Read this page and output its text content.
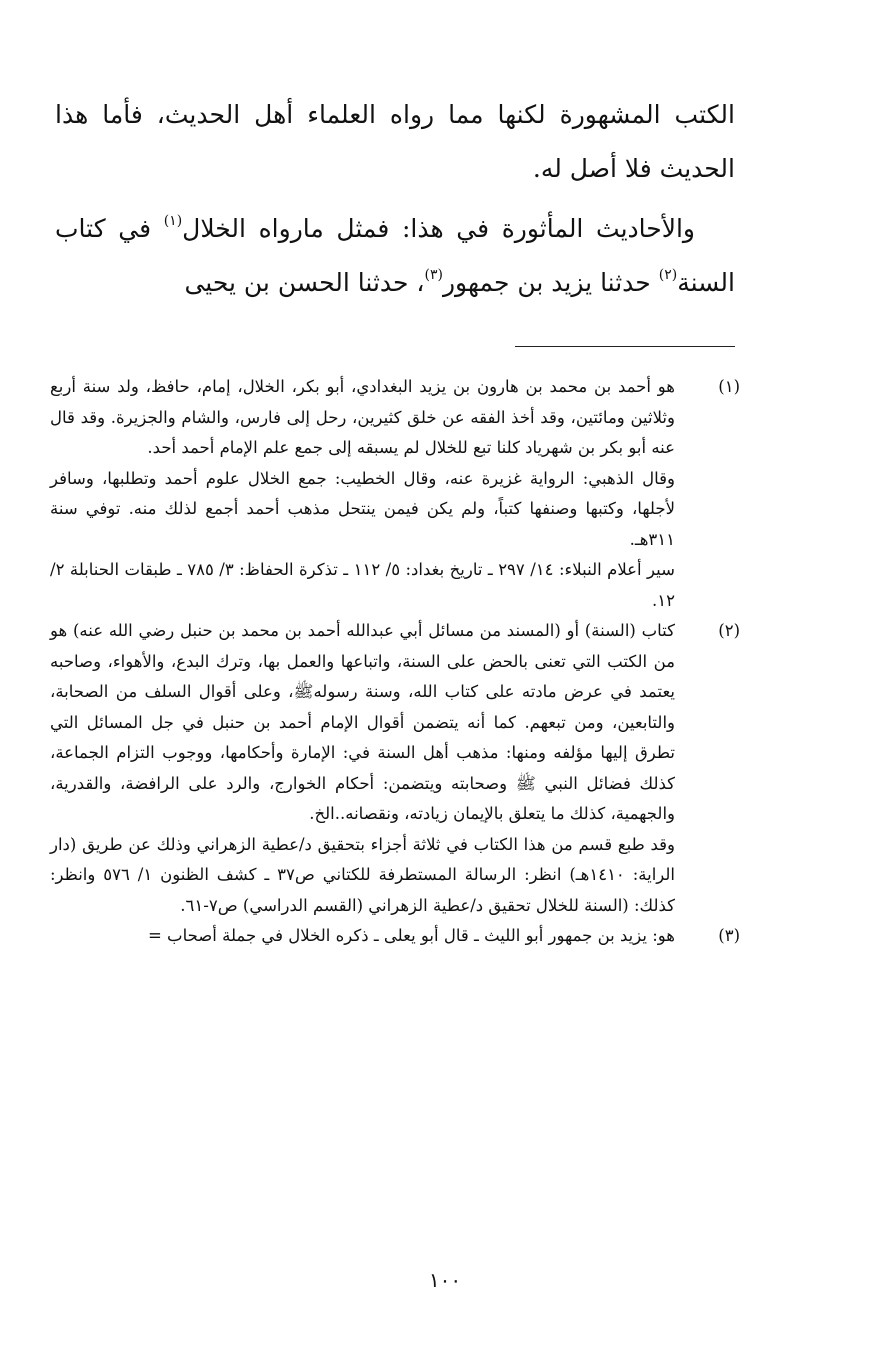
الكتب المشهورة لكنها مما رواه العلماء أهل الحديث، فأما هذا الحديث فلا أصل له.

والأحاديث المأثورة في هذا: فمثل مارواه الخلال$^{(١)}$ في كتاب السنة$^{(٢)}$ حدثنا يزيد بن جمهور$^{(٣)}$، حدثنا الحسن بن يحيى

(١)

هو أحمد بن محمد بن هارون بن يزيد البغدادي، أبو بكر، الخلال، إمام، حافظ، ولد سنة أربع وثلاثين ومائتين، وقد أخذ الفقه عن خلق كثيرين، رحل إلى فارس، والشام والجزيرة. وقد قال عنه أبو بكر بن شهرياد كلنا تبع للخلال لم يسبقه إلى جمع علم الإمام أحمد أحد.

وقال الذهبي: الرواية غزيرة عنه، وقال الخطيب: جمع الخلال علوم أحمد وتطلبها، وسافر لأجلها، وكتبها وصنفها كتباً، ولم يكن فيمن ينتحل مذهب أحمد أجمع لذلك منه. توفي سنة ٣١١هـ.

سير أعلام النبلاء: ١٤/ ٢٩٧ ـ تاريخ بغداد: ٥/ ١١٢ ـ تذكرة الحفاظ: ٣/ ٧٨٥ ـ طبقات الحنابلة ٢/ ١٢.

(٢)

كتاب (السنة) أو (المسند من مسائل أبي عبدالله أحمد بن محمد بن حنبل رضي الله عنه) هو من الكتب التي تعنى بالحض على السنة، واتباعها والعمل بها، وترك البدع، والأهواء، وصاحبه يعتمد في عرض مادته على كتاب الله، وسنة رسولهﷺ، وعلى أقوال السلف من الصحابة، والتابعين، ومن تبعهم. كما أنه يتضمن أقوال الإمام أحمد بن حنبل في جل المسائل التي تطرق إليها مؤلفه ومنها: مذهب أهل السنة في: الإمارة وأحكامها، ووجوب التزام الجماعة، كذلك فضائل النبي ﷺ وصحابته ويتضمن: أحكام الخوارج، والرد على الرافضة، والقدرية، والجهمية، كذلك ما يتعلق بالإيمان زيادته، ونقصانه..الخ.

وقد طبع قسم من هذا الكتاب في ثلاثة أجزاء بتحقيق د/عطية الزهراني وذلك عن طريق (دار الراية: ١٤١٠هـ) انظر: الرسالة المستطرفة للكتاني ص٣٧ ـ كشف الظنون ١/ ٥٧٦ وانظر: كذلك: (السنة للخلال تحقيق د/عطية الزهراني (القسم الدراسي) ص٧-٦١.

(٣)

هو: يزيد بن جمهور أبو الليث ـ قال أبو يعلى ـ ذكره الخلال في جملة أصحاب =

١٠٠
